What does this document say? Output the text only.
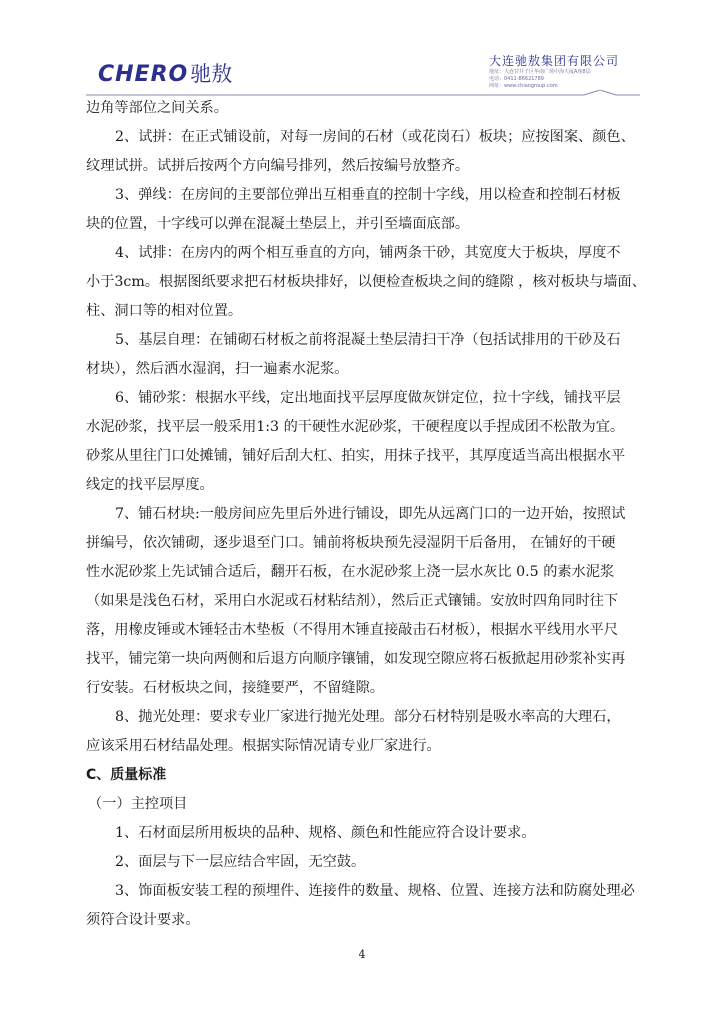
CHERO 驰敖
大连驰敖集团有限公司
地址：大连甘井子区华南广场中海大厦A座8层
电话：0411-86621789
网址：www.chiaogroup.com

边角等部位之间关系。

2、试拼：在正式铺设前，对每一房间的石材（或花岗石）板块；应按图案、颜色、

纹理试拼。试拼后按两个方向编号排列，然后按编号放整齐。

3、弹线：在房间的主要部位弹出互相垂直的控制十字线，用以检查和控制石材板

块的位置，十字线可以弹在混凝土垫层上，并引至墙面底部。

4、试排：在房内的两个相互垂直的方向，铺两条干砂，其宽度大于板块，厚度不

小于3cm。根据图纸要求把石材板块排好，以便检查板块之间的缝隙 ，核对板块与墙面、

柱、洞口等的相对位置。

5、基层自理：在铺砌石材板之前将混凝土垫层清扫干净（包括试排用的干砂及石

材块），然后洒水湿润，扫一遍素水泥浆。

6、铺砂浆：根据水平线，定出地面找平层厚度做灰饼定位，拉十字线，铺找平层

水泥砂浆，找平层一般采用1:3 的干硬性水泥砂浆，干硬程度以手捏成团不松散为宜。

砂浆从里往门口处摊铺，铺好后刮大杠、拍实，用抹子找平，其厚度适当高出根据水平

线定的找平层厚度。

7、铺石材块:一般房间应先里后外进行铺设，即先从远离门口的一边开始，按照试

拼编号，依次铺砌，逐步退至门口。铺前将板块预先浸湿阴干后备用， 在铺好的干硬

性水泥砂浆上先试铺合适后，翻开石板，在水泥砂浆上浇一层水灰比 0.5 的素水泥浆

（如果是浅色石材，采用白水泥或石材粘结剂），然后正式镶铺。安放时四角同时往下

落，用橡皮锤或木锤轻击木垫板（不得用木锤直接敲击石材板），根据水平线用水平尺

找平，铺完第一块向两侧和后退方向顺序镶铺，如发现空隙应将石板掀起用砂浆补实再

行安装。石材板块之间，接缝要严，不留缝隙。

8、抛光处理：要求专业厂家进行抛光处理。部分石材特别是吸水率高的大理石，

应该采用石材结晶处理。根据实际情况请专业厂家进行。

C、质量标准

（一）主控项目

1、石材面层所用板块的品种、规格、颜色和性能应符合设计要求。

2、面层与下一层应结合牢固，无空鼓。

3、饰面板安装工程的预埋件、连接件的数量、规格、位置、连接方法和防腐处理必

须符合设计要求。

4
